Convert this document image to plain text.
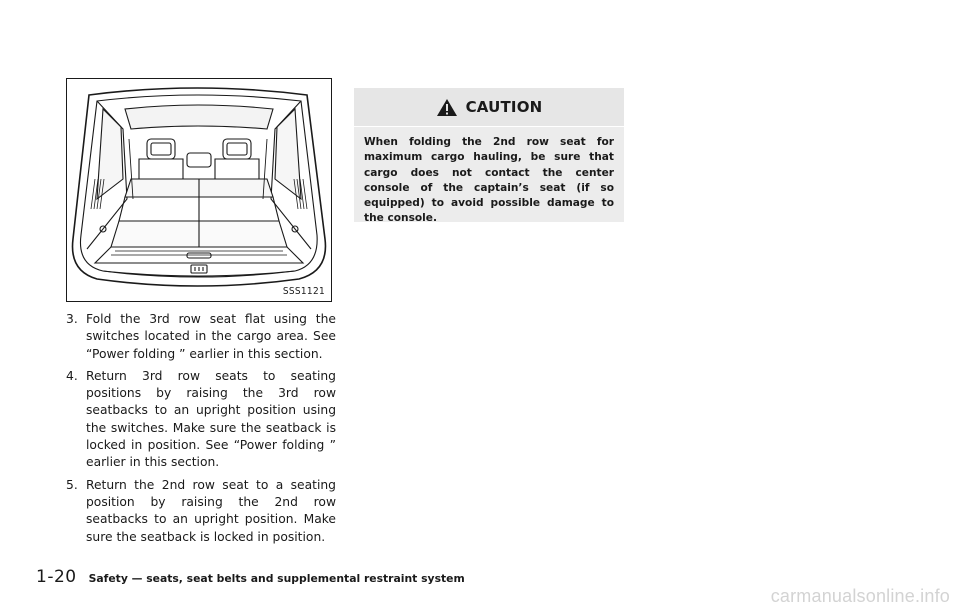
SSS1121
3. Fold the 3rd row seat flat using the switches located in the cargo area. See “Power folding ” earlier in this section.
4. Return 3rd row seats to seating positions by raising the 3rd row seatbacks to an upright position using the switches. Make sure the seatback is locked in position. See “Power folding ” earlier in this section.
5. Return the 2nd row seat to a seating position by raising the 2nd row seatbacks to an upright position. Make sure the seatback is locked in position.
CAUTION
When folding the 2nd row seat for maximum cargo hauling, be sure that cargo does not contact the center console of the captain’s seat (if so equipped) to avoid possible damage to the console.
1-20 Safety — seats, seat belts and supplemental restraint system
carmanualsonline.info
